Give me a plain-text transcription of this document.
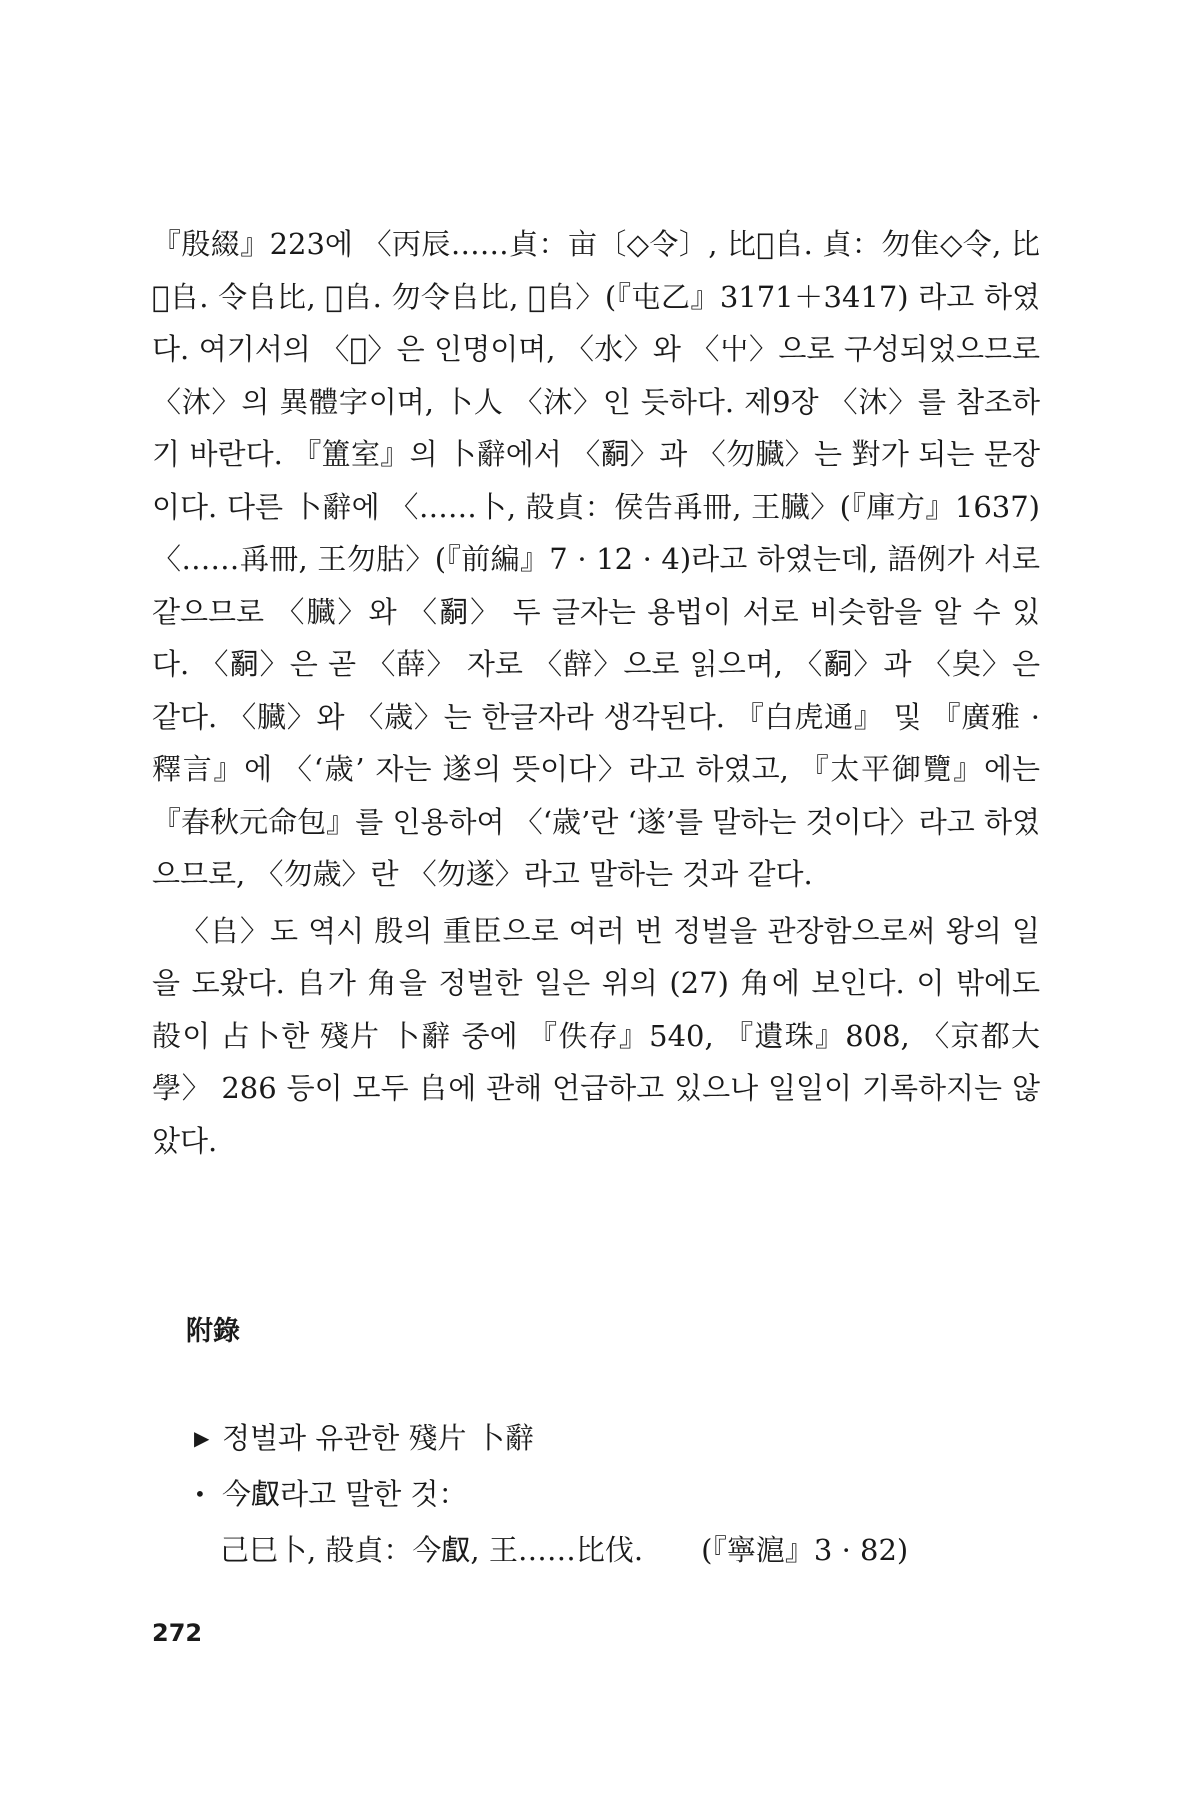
『殷綴』223에 〈丙辰……貞：亩〔◇令〕, 比𣲖𠂤. 貞：勿隹◇令, 比𣲖𠂤. 令𠂤比, 𣲖𠂤. 勿令𠂤比, 𣲖𠂤〉(『屯乙』3171＋3417) 라고 하였다. 여기서의 〈𣲖〉은 인명이며, 〈水〉와 〈屮〉으로 구성되었으므로 〈沐〉의 異體字이며, 卜人 〈沐〉인 듯하다. 제9장 〈沐〉를 참조하기 바란다. 『簠室』의 卜辭에서 〈𤔲〉과 〈勿臓〉는 對가 되는 문장이다. 다른 卜辭에 〈……卜, 㱿貞：侯告爯冊, 王臓〉(『庫方』1637) 〈……爯冊, 王勿𦙶〉(『前編』7 · 12 · 4)라고 하였는데, 語例가 서로 같으므로 〈臓〉와 〈𤔲〉 두 글자는 용법이 서로 비슷함을 알 수 있다. 〈𤔲〉은 곧 〈薛〉 자로 〈辪〉으로 읽으며, 〈𤔲〉과 〈㚖〉은 같다. 〈臓〉와 〈歳〉는 한글자라 생각된다. 『白虎通』 및 『廣雅 · 釋言』에 〈‘歳’ 자는 遂의 뜻이다〉라고 하였고, 『太平御覽』에는 『春秋元命包』를 인용하여 〈‘歳’란 ‘遂’를 말하는 것이다〉라고 하였으므로, 〈勿歳〉란 〈勿遂〉라고 말하는 것과 같다.

〈𠂤〉도 역시 殷의 重臣으로 여러 번 정벌을 관장함으로써 왕의 일을 도왔다. 𠂤가 角을 정벌한 일은 위의 (27) 角에 보인다. 이 밖에도 㱿이 占卜한 殘片 卜辭 중에 『佚存』540, 『遺珠』808, 〈京都大學〉 286 등이 모두 𠂤에 관해 언급하고 있으나 일일이 기록하지는 않았다.

附錄

▶ 정벌과 유관한 殘片 卜辭

• 今𠭯라고 말한 것：

己巳卜, 㱿貞：今𠭯, 王……比伐. (『寧滬』3 · 82)

272
